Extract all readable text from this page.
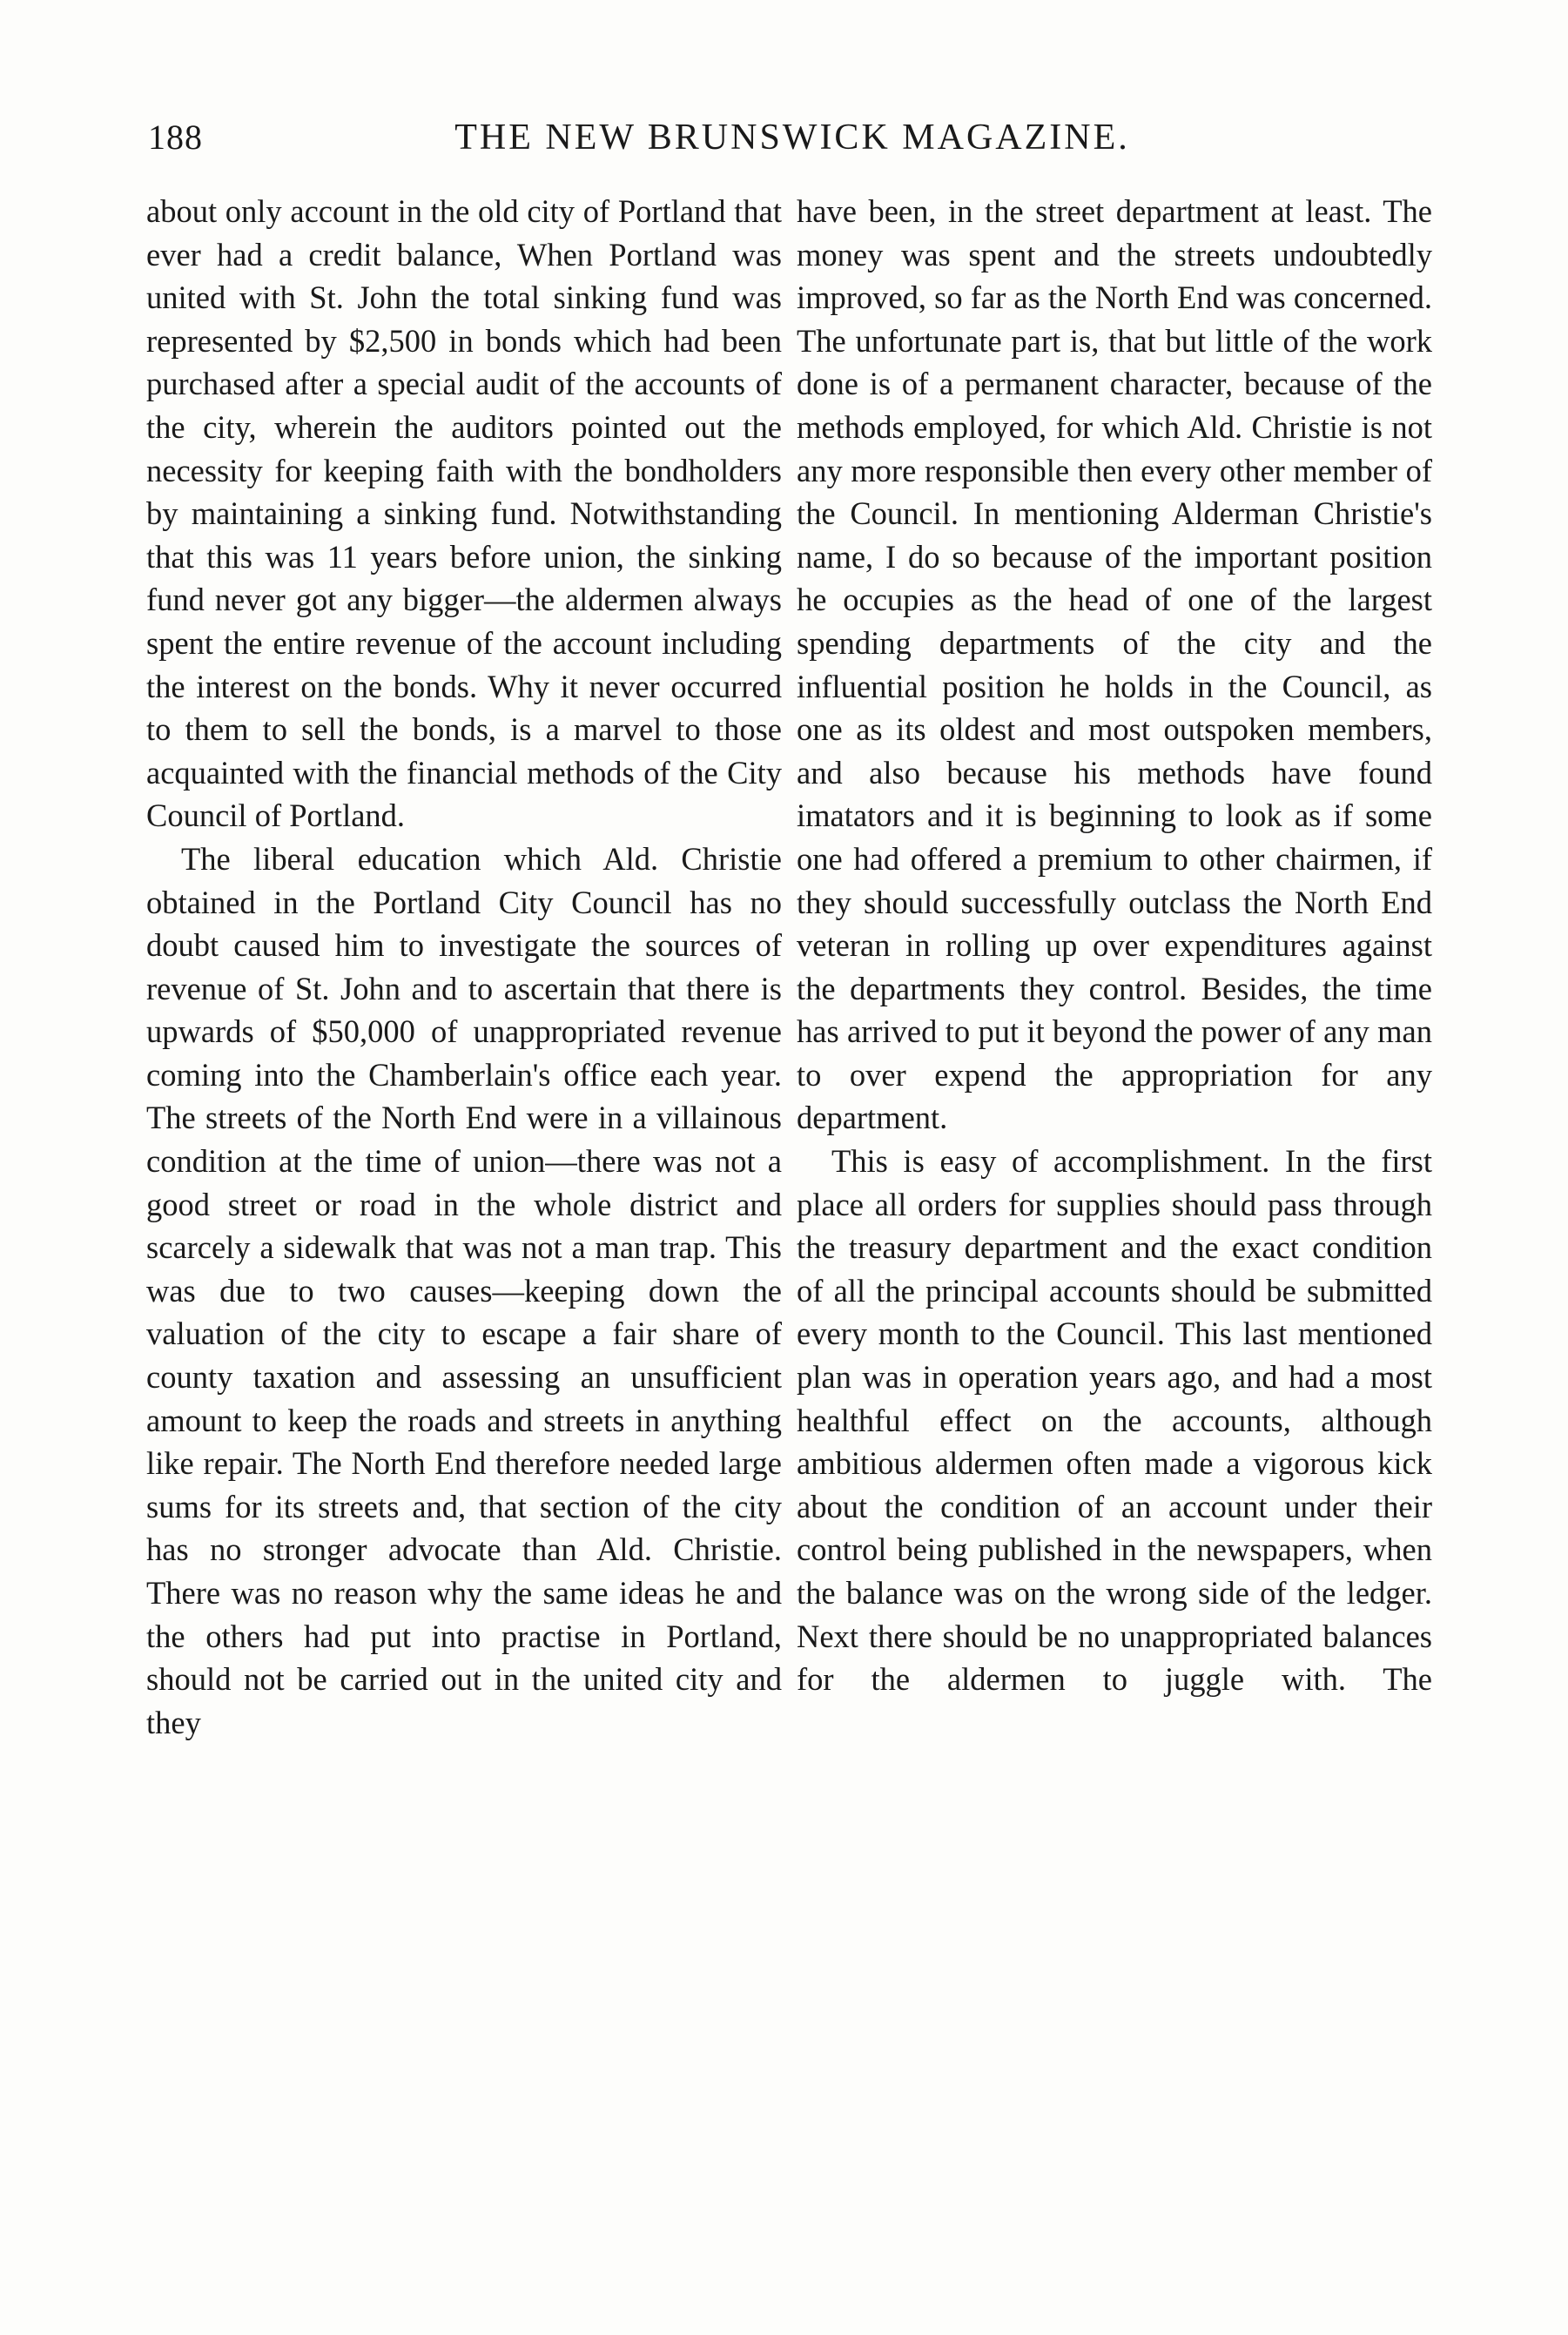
188	THE NEW BRUNSWICK MAGAZINE.

about only account in the old city of Portland that ever had a credit balance, When Portland was united with St. John the total sinking fund was represented by $2,500 in bonds which had been purchased after a special audit of the accounts of the city, wherein the auditors pointed out the necessity for keeping faith with the bondholders by maintaining a sinking fund. Notwithstanding that this was 11 years before union, the sinking fund never got any bigger—the aldermen always spent the entire revenue of the account including the interest on the bonds. Why it never occurred to them to sell the bonds, is a marvel to those acquainted with the financial methods of the City Council of Portland.

The liberal education which Ald. Christie obtained in the Portland City Council has no doubt caused him to investigate the sources of revenue of St. John and to ascertain that there is upwards of $50,000 of unappropriated revenue coming into the Chamberlain's office each year. The streets of the North End were in a villainous condition at the time of union—there was not a good street or road in the whole district and scarcely a sidewalk that was not a man trap. This was due to two causes—keeping down the valuation of the city to escape a fair share of county taxation and assessing an unsufficient amount to keep the roads and streets in anything like repair. The North End therefore needed large sums for its streets and, that section of the city has no stronger advocate than Ald. Christie. There was no reason why the same ideas he and the others had put into practise in Portland, should not be carried out in the united city and they

have been, in the street department at least. The money was spent and the streets undoubtedly improved, so far as the North End was concerned. The unfortunate part is, that but little of the work done is of a permanent character, because of the methods employed, for which Ald. Christie is not any more responsible then every other member of the Council. In mentioning Alderman Christie's name, I do so because of the important position he occupies as the head of one of the largest spending departments of the city and the influential position he holds in the Council, as one as its oldest and most outspoken members, and also because his methods have found imatators and it is beginning to look as if some one had offered a premium to other chairmen, if they should successfully outclass the North End veteran in rolling up over expenditures against the departments they control. Besides, the time has arrived to put it beyond the power of any man to over expend the appropriation for any department.

This is easy of accomplishment. In the first place all orders for supplies should pass through the treasury department and the exact condition of all the principal accounts should be submitted every month to the Council. This last mentioned plan was in operation years ago, and had a most healthful effect on the accounts, although ambitious aldermen often made a vigorous kick about the condition of an account under their control being published in the newspapers, when the balance was on the wrong side of the ledger. Next there should be no unappropriated balances for the aldermen to juggle with. The
